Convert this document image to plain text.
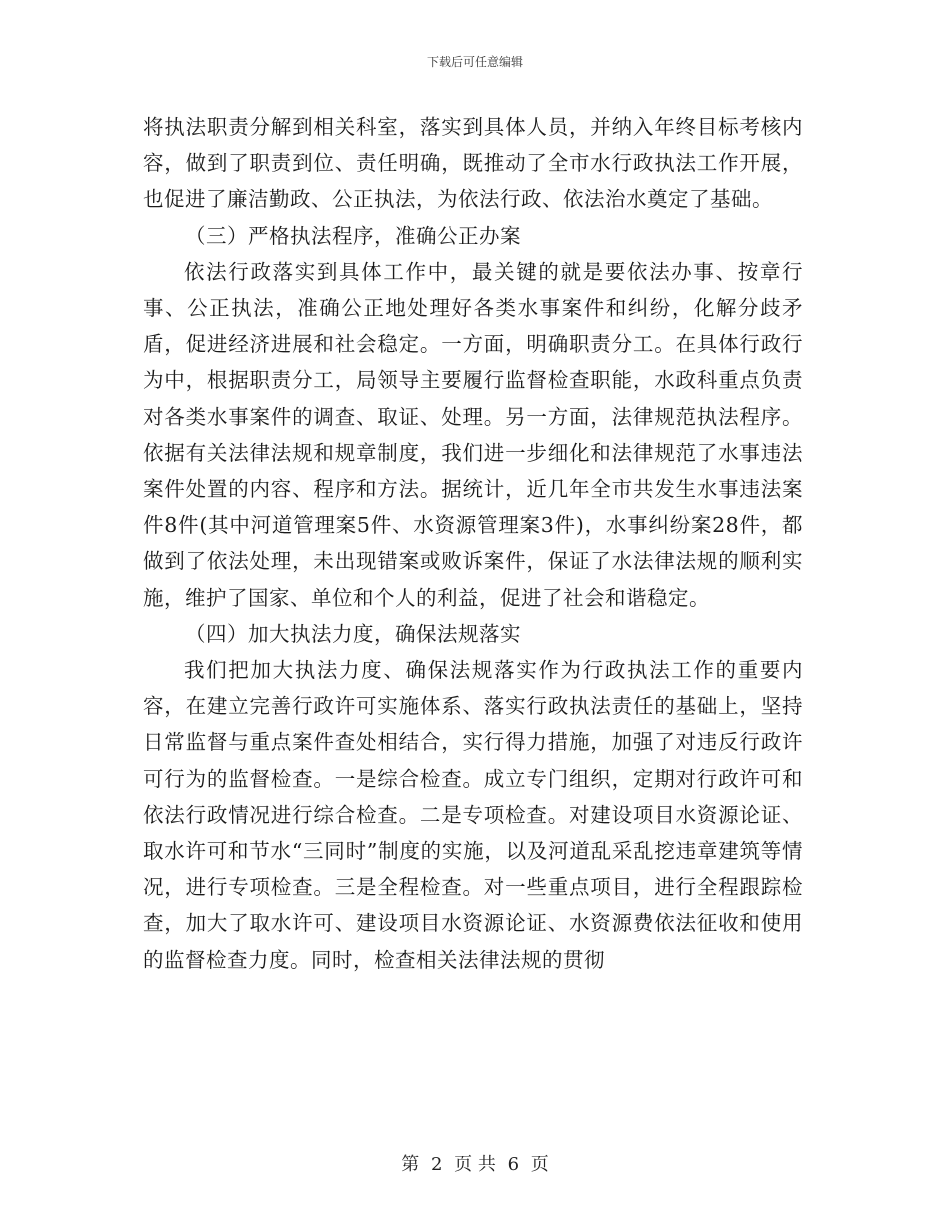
下载后可任意编辑

将执法职责分解到相关科室，落实到具体人员，并纳入年终目标考核内容，做到了职责到位、责任明确，既推动了全市水行政执法工作开展，也促进了廉洁勤政、公正执法，为依法行政、依法治水奠定了基础。

（三）严格执法程序，准确公正办案

依法行政落实到具体工作中，最关键的就是要依法办事、按章行事、公正执法，准确公正地处理好各类水事案件和纠纷，化解分歧矛盾，促进经济进展和社会稳定。一方面，明确职责分工。在具体行政行为中，根据职责分工，局领导主要履行监督检查职能，水政科重点负责对各类水事案件的调查、取证、处理。另一方面，法律规范执法程序。依据有关法律法规和规章制度，我们进一步细化和法律规范了水事违法案件处置的内容、程序和方法。据统计，近几年全市共发生水事违法案件8件(其中河道管理案5件、水资源管理案3件)，水事纠纷案28件，都做到了依法处理，未出现错案或败诉案件，保证了水法律法规的顺利实施，维护了国家、单位和个人的利益，促进了社会和谐稳定。

（四）加大执法力度，确保法规落实

我们把加大执法力度、确保法规落实作为行政执法工作的重要内容，在建立完善行政许可实施体系、落实行政执法责任的基础上，坚持日常监督与重点案件查处相结合，实行得力措施，加强了对违反行政许可行为的监督检查。一是综合检查。成立专门组织，定期对行政许可和依法行政情况进行综合检查。二是专项检查。对建设项目水资源论证、取水许可和节水“三同时”制度的实施，以及河道乱采乱挖违章建筑等情况，进行专项检查。三是全程检查。对一些重点项目，进行全程跟踪检查，加大了取水许可、建设项目水资源论证、水资源费依法征收和使用的监督检查力度。同时，检查相关法律法规的贯彻

第 2 页 共 6 页
